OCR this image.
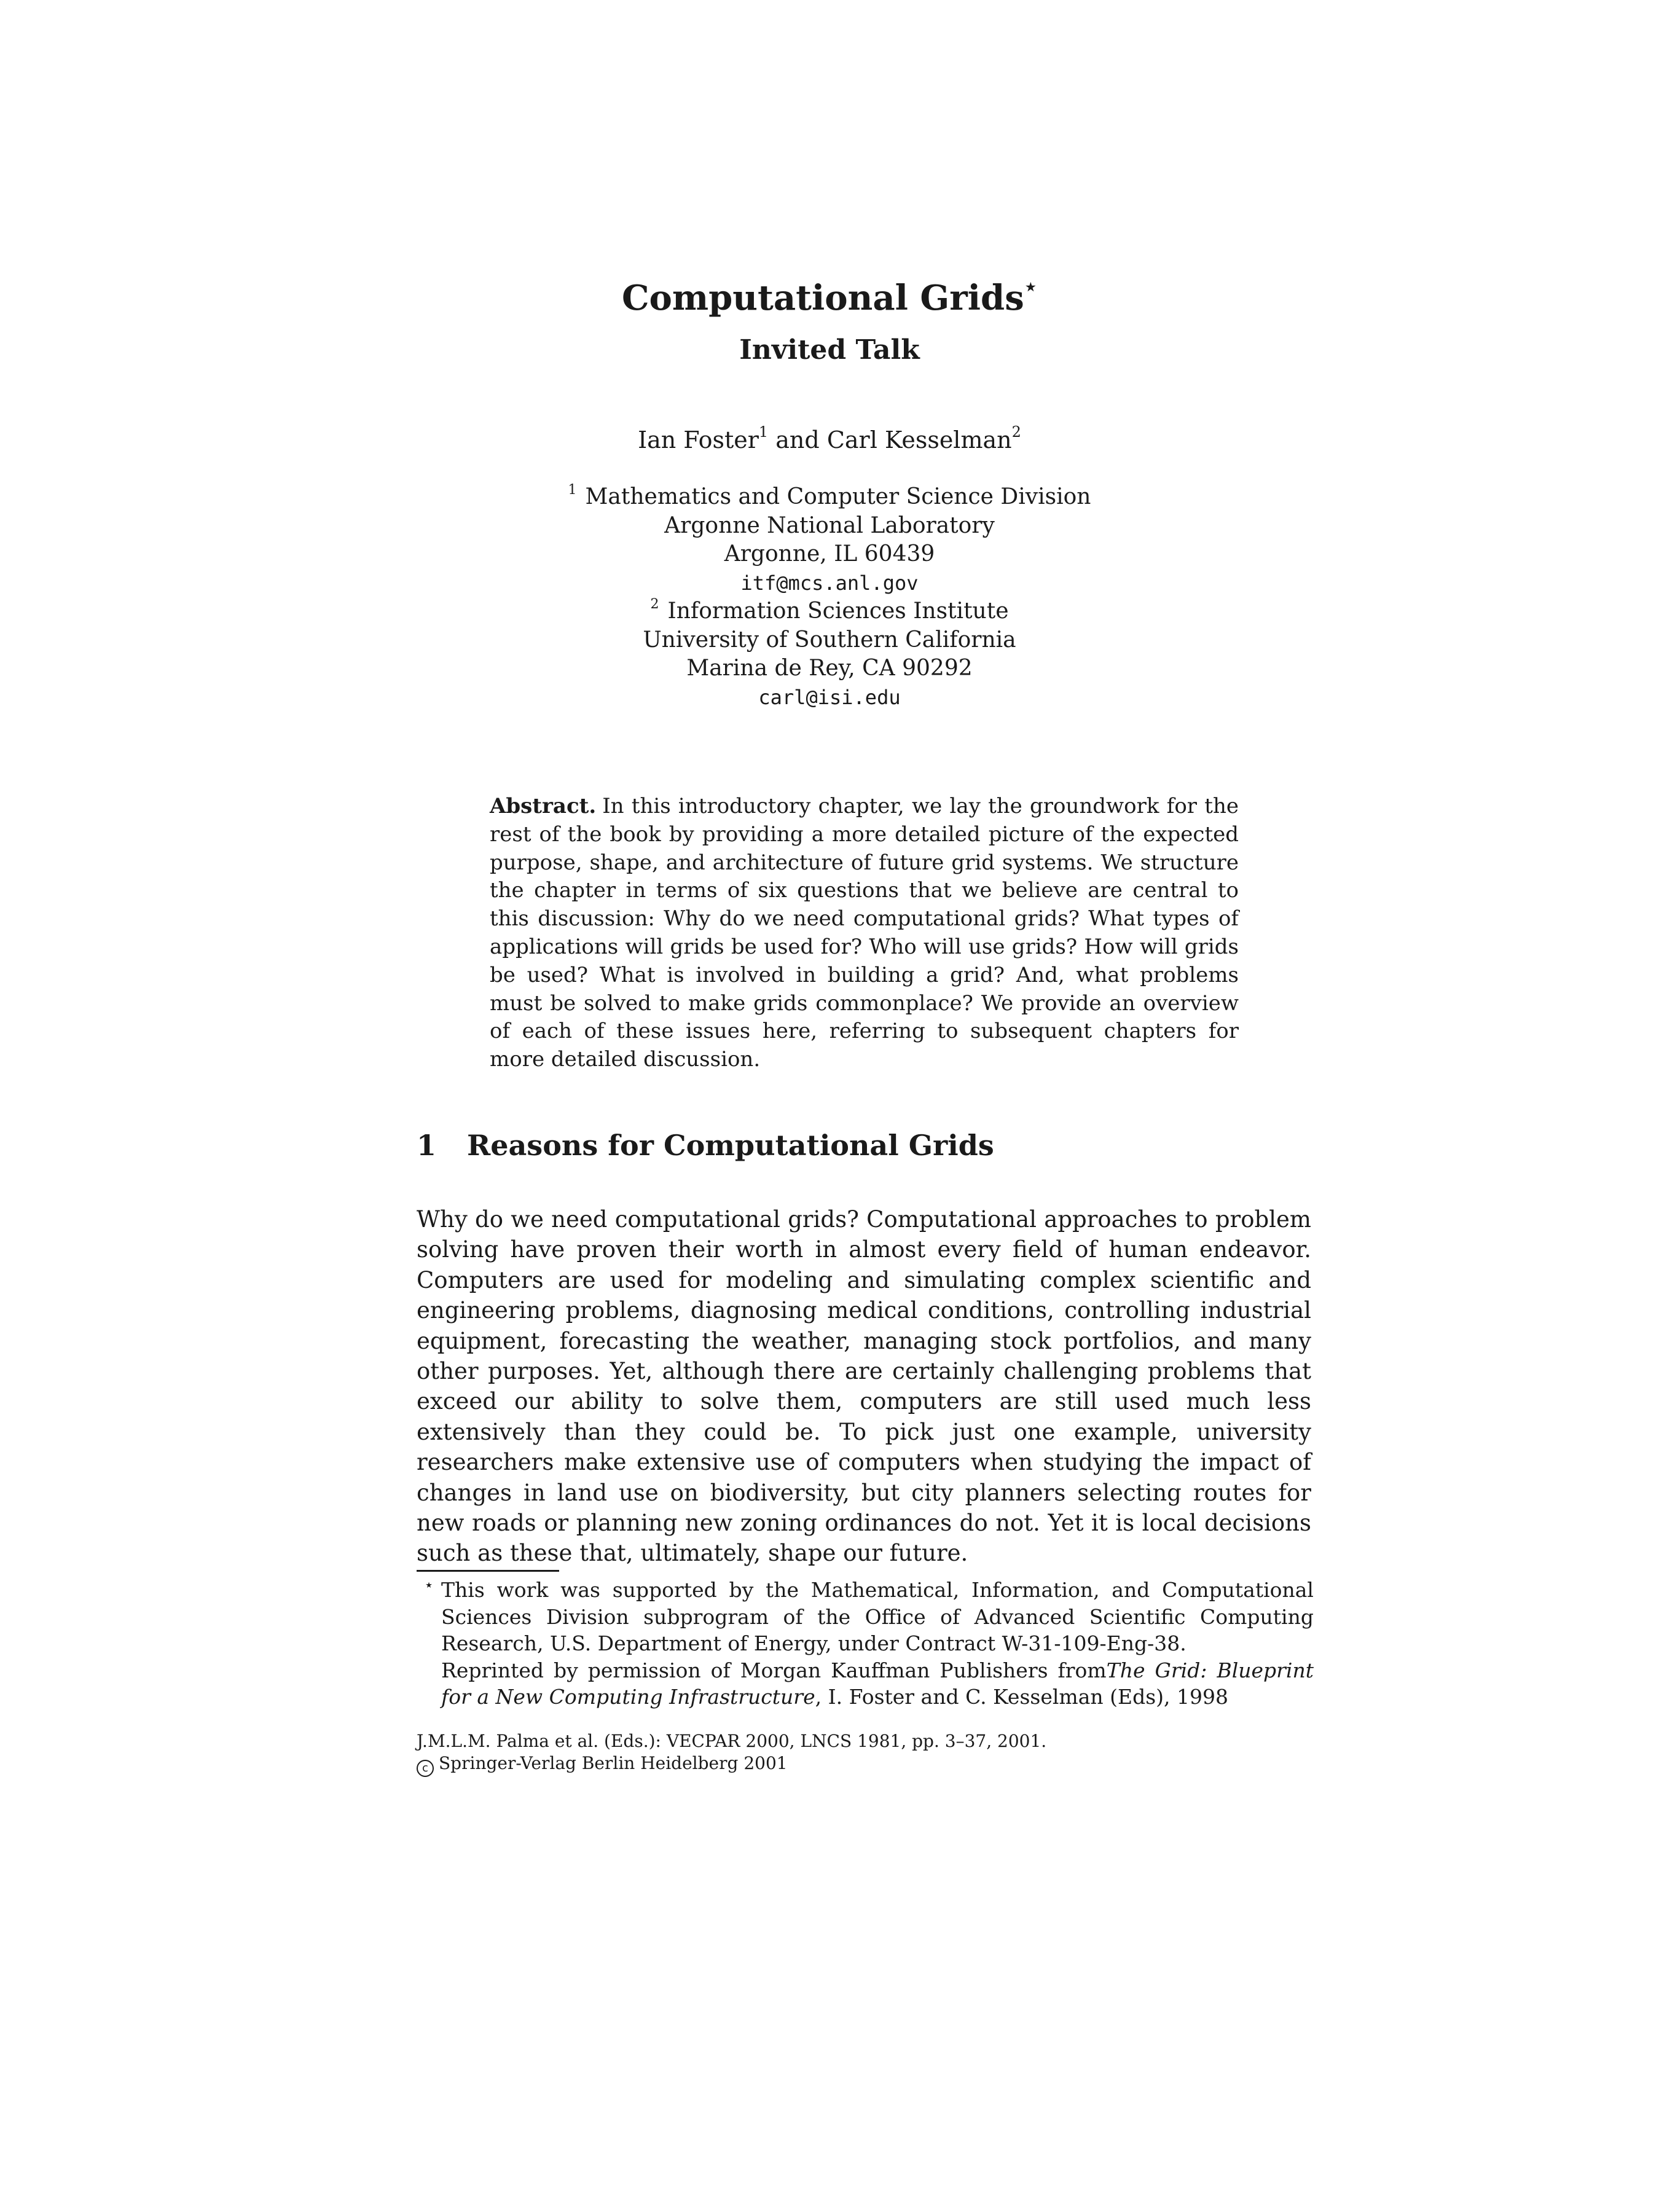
Computational Grids⋆
Invited Talk
Ian Foster$^1$ and Carl Kesselman$^2$
$^1$ Mathematics and Computer Science Division
Argonne National Laboratory
Argonne, IL 60439
itf@mcs.anl.gov
$^2$ Information Sciences Institute
University of Southern California
Marina de Rey, CA 90292
carl@isi.edu
Abstract. In this introductory chapter, we lay the groundwork for the rest of the book by providing a more detailed picture of the expected purpose, shape, and architecture of future grid systems. We structure the chapter in terms of six questions that we believe are central to this discussion: Why do we need computational grids? What types of applications will grids be used for? Who will use grids? How will grids be used? What is involved in building a grid? And, what problems must be solved to make grids commonplace? We provide an overview of each of these issues here, referring to subsequent chapters for more detailed discussion.
1 Reasons for Computational Grids
Why do we need computational grids? Computational approaches to problem solving have proven their worth in almost every field of human endeavor. Computers are used for modeling and simulating complex scientific and engineering problems, diagnosing medical conditions, controlling industrial equipment, forecasting the weather, managing stock portfolios, and many other purposes. Yet, although there are certainly challenging problems that exceed our ability to solve them, computers are still used much less extensively than they could be. To pick just one example, university researchers make extensive use of computers when studying the impact of changes in land use on biodiversity, but city planners selecting routes for new roads or planning new zoning ordinances do not. Yet it is local decisions such as these that, ultimately, shape our future.
⋆ This work was supported by the Mathematical, Information, and Computational Sciences Division subprogram of the Office of Advanced Scientific Computing Research, U.S. Department of Energy, under Contract W-31-109-Eng-38.

Reprinted by permission of Morgan Kauffman Publishers fromThe Grid: Blueprint for a New Computing Infrastructure, I. Foster and C. Kesselman (Eds), 1998

J.M.L.M. Palma et al. (Eds.): VECPAR 2000, LNCS 1981, pp. 3–37, 2001.
c Springer-Verlag Berlin Heidelberg 2001
